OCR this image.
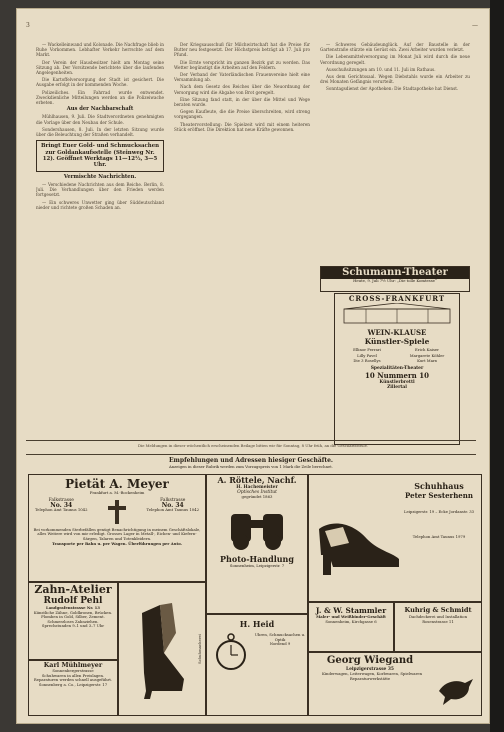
3	—

— Wackelleinwand und Kolonade. Die Nachfrage blieb in Ruhe Vorkommen. Lebhafter Verkehr herrschte auf dem Markt.

Der Verein der Hausbesitzer hielt am Montag seine Sitzung ab. Der Vorsitzende berichtete über die laufenden Angelegenheiten.

Die Kartoffelversorgung der Stadt ist gesichert. Die Ausgabe erfolgt in der kommenden Woche.

Polizeiliches. Ein Fahrrad wurde entwendet. Zweckdienliche Mitteilungen werden an die Polizeiwache erbeten.

Aus der Nachbarschaft

Mühlhausen, 9. Juli. Die Stadtverordneten genehmigten die Vorlage über den Neubau der Schule.

Sondershausen, 8. Juli. In der letzten Sitzung wurde über die Beleuchtung der Straßen verhandelt.

Bringt Euer Gold- und Schmucksachen zur Goldankaufsstelle (Steinweg Nr. 12). Geöffnet Werktags 11—12½, 3—5 Uhr.

Vermischte Nachrichten.

— Verschiedene Nachrichten aus dem Reiche. Berlin, 8. Juli. Die Verhandlungen über den Frieden werden fortgesetzt.

— Ein schweres Unwetter ging über Süddeutschland nieder und richtete großen Schaden an.

Der Kriegsausschuß für Milchwirtschaft hat die Preise für Butter neu festgesetzt. Der Höchstpreis beträgt ab 17. Juli pro Pfund.

Die Ernte verspricht im ganzen Bezirk gut zu werden. Das Wetter begünstigt die Arbeiten auf den Feldern.

Der Verband der Vaterländischen Frauenvereine hielt eine Versammlung ab.

Nach dem Gesetz des Reiches über die Neuordnung der Versorgung wird die Abgabe von Brot geregelt.

Eine Sitzung fand statt, in der über die Mittel und Wege beraten wurde.

Gegen Kaufleute, die die Preise überschreiten, wird streng vorgegangen.

Theatervorstellung: Die Spielzeit wird mit einem heiteren Stück eröffnet. Die Direktion hat neue Kräfte gewonnen.

— Schweres Gebäudeunglück. Auf der Baustelle in der Gartenstraße stürzte ein Gerüst ein. Zwei Arbeiter wurden verletzt.

Die Lebensmittelversorgung im Monat Juli wird durch die neue Verordnung geregelt.

Ausschußsitzungen am 10. und 11. Juli im Rathaus.

Aus dem Gerichtssaal. Wegen Diebstahls wurde ein Arbeiter zu drei Monaten Gefängnis verurteilt.

Sonntagsdienst der Apotheken: Die Stadtapotheke hat Dienst.

Schumann-Theater
Heute, 9. Juli 7½ Uhr: „Die tolle Komtesse“
CROSS-FRANKFURT
WEIN-KLAUSE
Künstler-Spiele
Ellinor Ferrari	Erich Kaiser
Lilly Pavel	Margarete Köhler
Die 3 Rosellys	Kurt Marx
Spezialitäten-Theater
10 Nummern 10
Künstlerbrettl
Zillertal
Die Meldungen in dieser wöchentlich erscheinenden Beilage bitten wir für Sonntag, 8 Uhr früh, an die Geschäftsstelle.
Empfehlungen und Adressen hiesiger Geschäfte.
Anzeigen in dieser Rubrik werden zum Vorzugspreis von 1 Mark die Zeile berechnet.
Pietät A. Meyer
Frankfurt a. M.-Bockenheim
Falkstrasse
No. 34
Telephon Amt Taunus 1042
Falkstrasse
No. 34
Telephon Amt Taunus 1042
Bei vorkommenden Sterbefällen genügt Benachrichtigung in meinem Geschäftslokale, alles Weitere wird von mir erledigt. Grosses Lager in Metall-, Eichen- und Kiefern-Särgen, Talaren und Totenkleidern.
Transporte per Bahn u. per Wagen. Überführungen per Auto.
Zahn-Atelier
Rudolf Pehl
Landgrafenstrasse Nr. 13
Künstliche Zähne, Goldkronen, Brücken. Plomben in Gold, Silber, Zement. Schmerzloses Zahnziehen.
Sprechstunden 9–1 und 3–7 Uhr
Karl Mühlmeyer
Sonnenbergerstrasse
Schuhwaren in allen Preislagen. Reparaturen werden schnell ausgeführt.
Sonnenberg a. Co., Leipzigerstr. 17
Schuhmacherei
A. Röttele, Nachf.
H. Hachemeister
Optisches Institut
gegründet 1863
Photo-Handlung
Sonnenheim, Leipzigerstr. 7
Schuhhaus
Peter Sesterhenn
Leipzigerstr. 19 – Ecke Jordanstr. 33
Telephon Amt Taunus 1979
H. Heid
Uhren, Schmucksachen u. Optik
Nordend 9
J. & W. Stammler
Maler- und Weißbinder-Geschäft
Sonnenheim, Kirchgasse 6
Kuhrig & Schmidt
Dachdeckerei und Installation
Rosenstrasse 11
Georg Wiegand
Leipzigerstrasse 35
Kinderwagen, Leiterwagen, Korbwaren, Spielwaren
Reparaturwerkstätte
